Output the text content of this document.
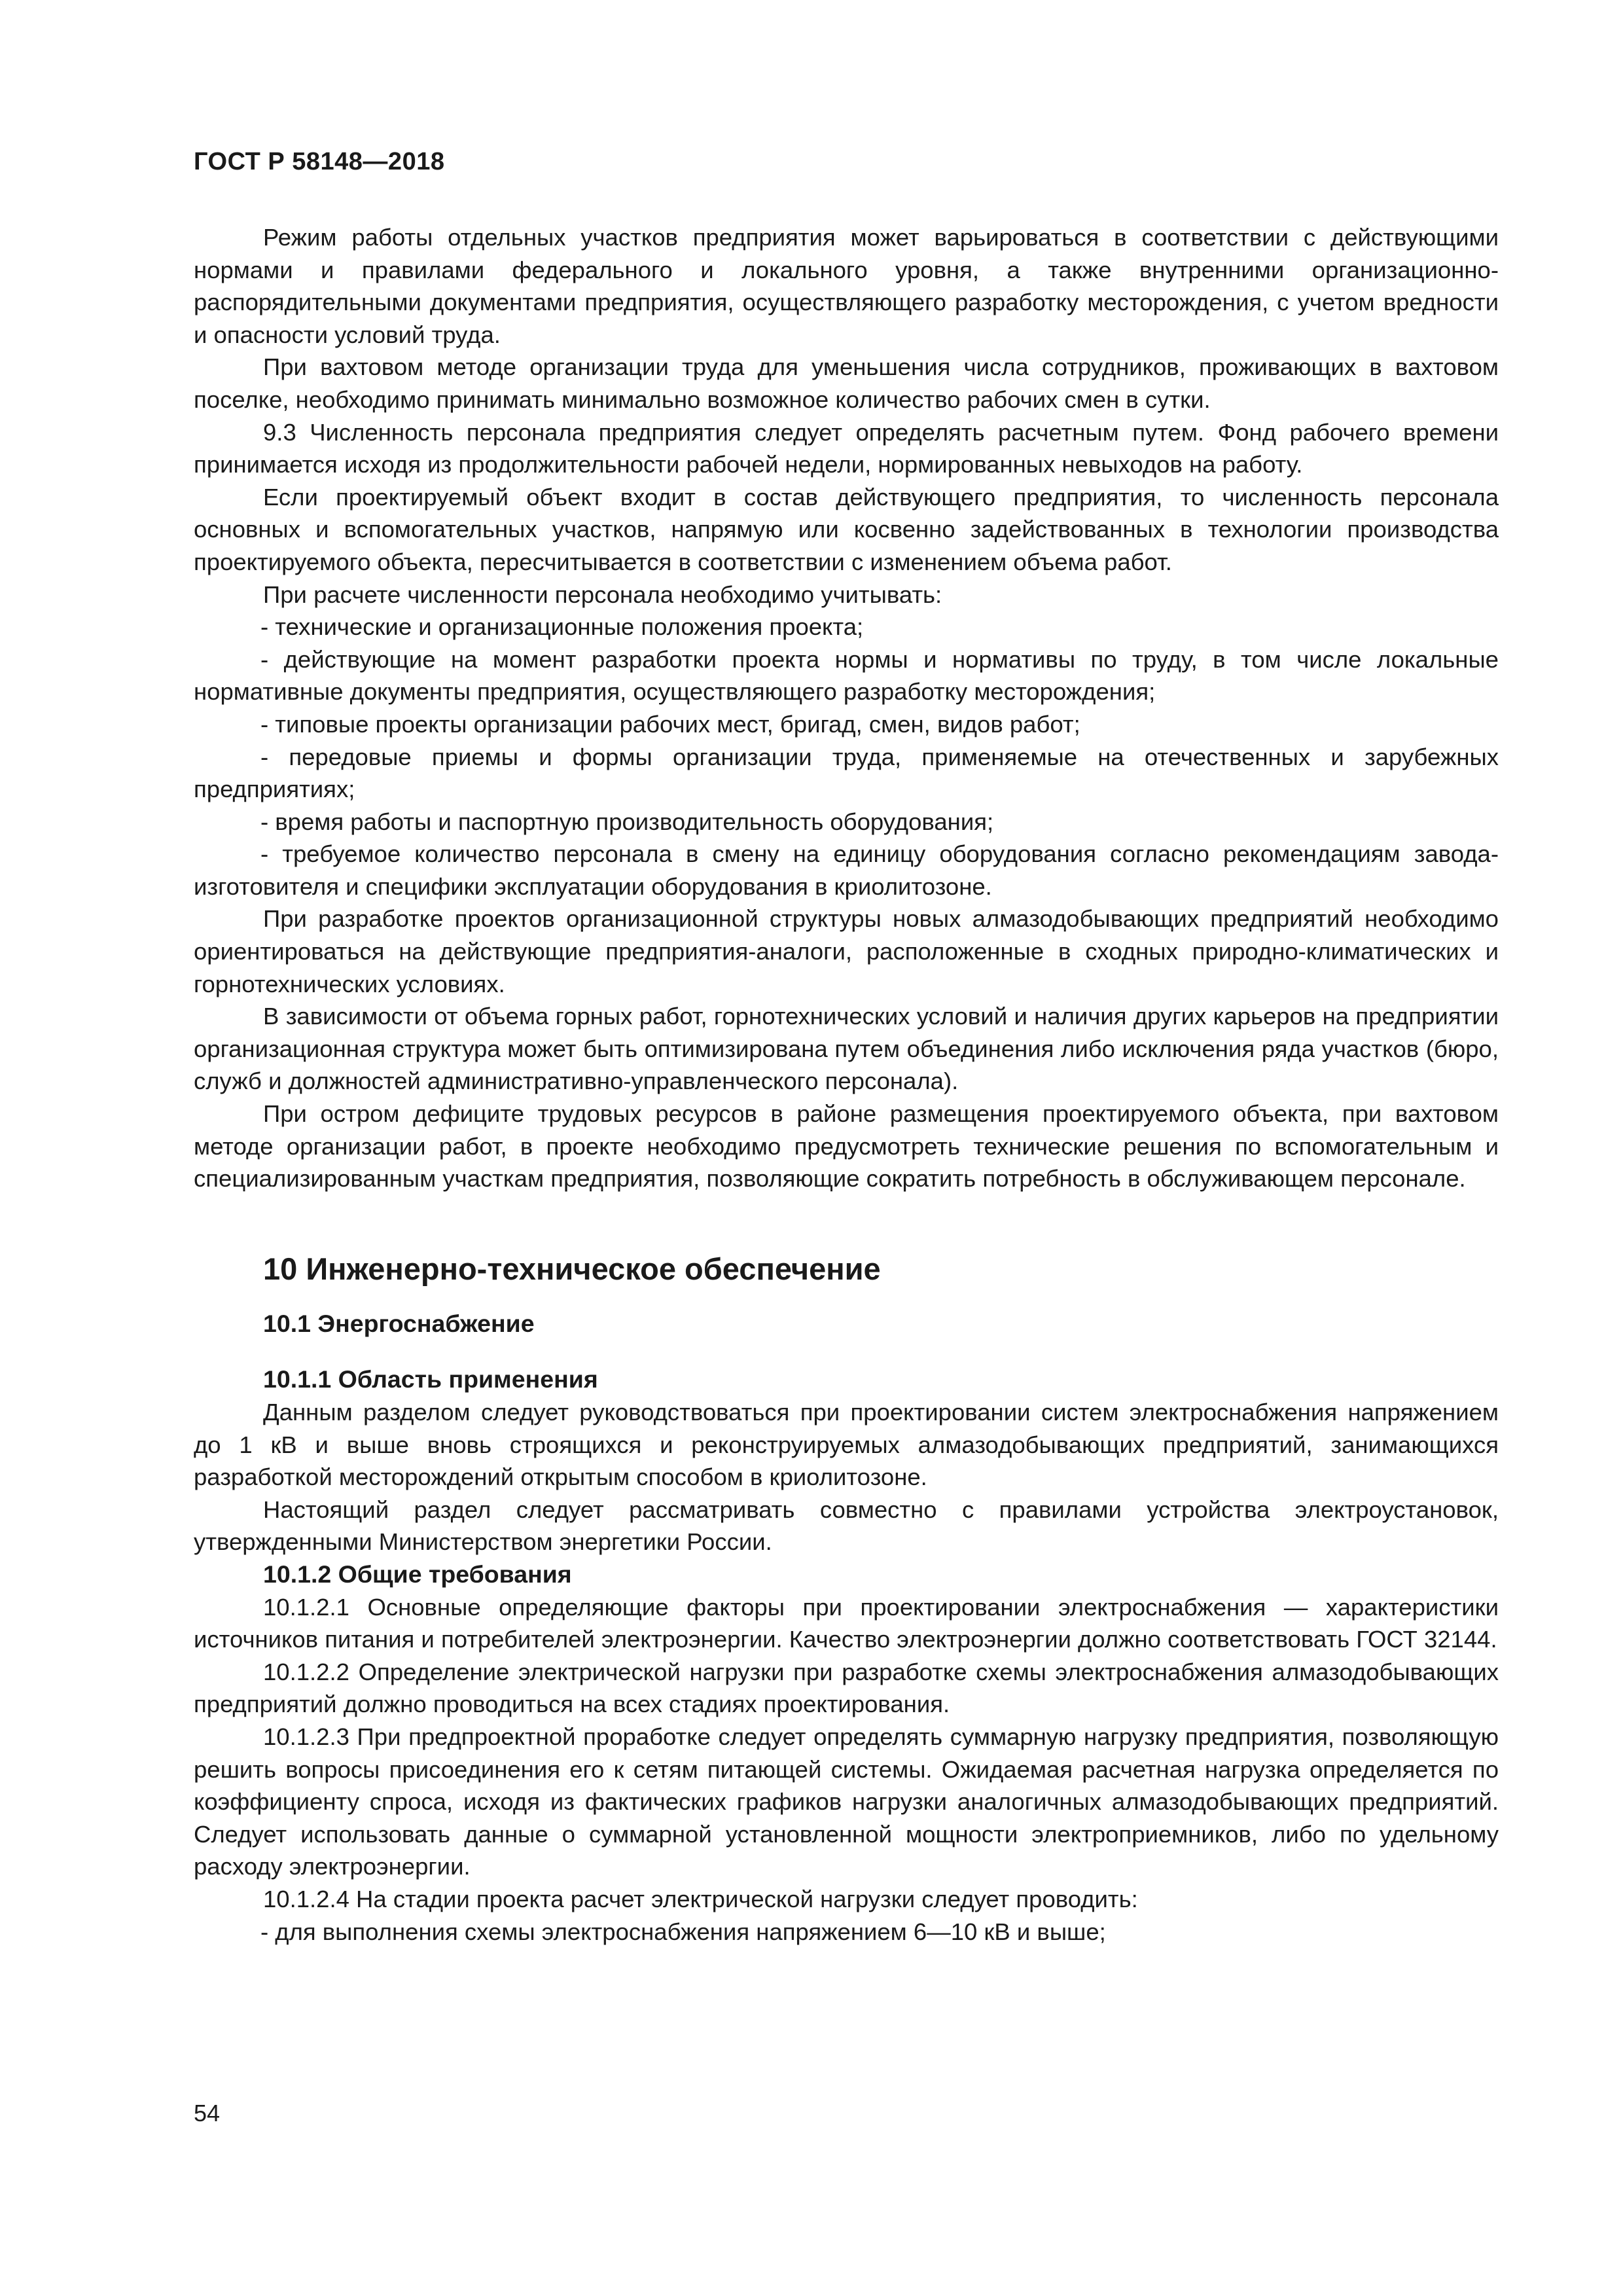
ГОСТ Р 58148—2018

Режим работы отдельных участков предприятия может варьироваться в соответствии с действующими нормами и правилами федерального и локального уровня, а также внутренними организационно-распорядительными документами предприятия, осуществляющего разработку месторождения, с учетом вредности и опасности условий труда.

При вахтовом методе организации труда для уменьшения числа сотрудников, проживающих в вахтовом поселке, необходимо принимать минимально возможное количество рабочих смен в сутки.

9.3 Численность персонала предприятия следует определять расчетным путем. Фонд рабочего времени принимается исходя из продолжительности рабочей недели, нормированных невыходов на работу.

Если проектируемый объект входит в состав действующего предприятия, то численность персонала основных и вспомогательных участков, напрямую или косвенно задействованных в технологии производства проектируемого объекта, пересчитывается в соответствии с изменением объема работ.

При расчете численности персонала необходимо учитывать:

- технические и организационные положения проекта;

- действующие на момент разработки проекта нормы и нормативы по труду, в том числе локальные нормативные документы предприятия, осуществляющего разработку месторождения;

- типовые проекты организации рабочих мест, бригад, смен, видов работ;

- передовые приемы и формы организации труда, применяемые на отечественных и зарубежных предприятиях;

- время работы и паспортную производительность оборудования;

- требуемое количество персонала в смену на единицу оборудования согласно рекомендациям завода-изготовителя и специфики эксплуатации оборудования в криолитозоне.

При разработке проектов организационной структуры новых алмазодобывающих предприятий необходимо ориентироваться на действующие предприятия-аналоги, расположенные в сходных природно-климатических и горнотехнических условиях.

В зависимости от объема горных работ, горнотехнических условий и наличия других карьеров на предприятии организационная структура может быть оптимизирована путем объединения либо исключения ряда участков (бюро, служб и должностей административно-управленческого персонала).

При остром дефиците трудовых ресурсов в районе размещения проектируемого объекта, при вахтовом методе организации работ, в проекте необходимо предусмотреть технические решения по вспомогательным и специализированным участкам предприятия, позволяющие сократить потребность в обслуживающем персонале.

10 Инженерно-техническое обеспечение
10.1 Энергоснабжение
10.1.1 Область применения

Данным разделом следует руководствоваться при проектировании систем электроснабжения напряжением до 1 кВ и выше вновь строящихся и реконструируемых алмазодобывающих предприятий, занимающихся разработкой месторождений открытым способом в криолитозоне.

Настоящий раздел следует рассматривать совместно с правилами устройства электроустановок, утвержденными Министерством энергетики России.

10.1.2 Общие требования

10.1.2.1 Основные определяющие факторы при проектировании электроснабжения — характеристики источников питания и потребителей электроэнергии. Качество электроэнергии должно соответствовать ГОСТ 32144.

10.1.2.2 Определение электрической нагрузки при разработке схемы электроснабжения алмазодобывающих предприятий должно проводиться на всех стадиях проектирования.

10.1.2.3 При предпроектной проработке следует определять суммарную нагрузку предприятия, позволяющую решить вопросы присоединения его к сетям питающей системы. Ожидаемая расчетная нагрузка определяется по коэффициенту спроса, исходя из фактических графиков нагрузки аналогичных алмазодобывающих предприятий. Следует использовать данные о суммарной установленной мощности электроприемников, либо по удельному расходу электроэнергии.

10.1.2.4 На стадии проекта расчет электрической нагрузки следует проводить:

- для выполнения схемы электроснабжения напряжением 6—10 кВ и выше;

54
